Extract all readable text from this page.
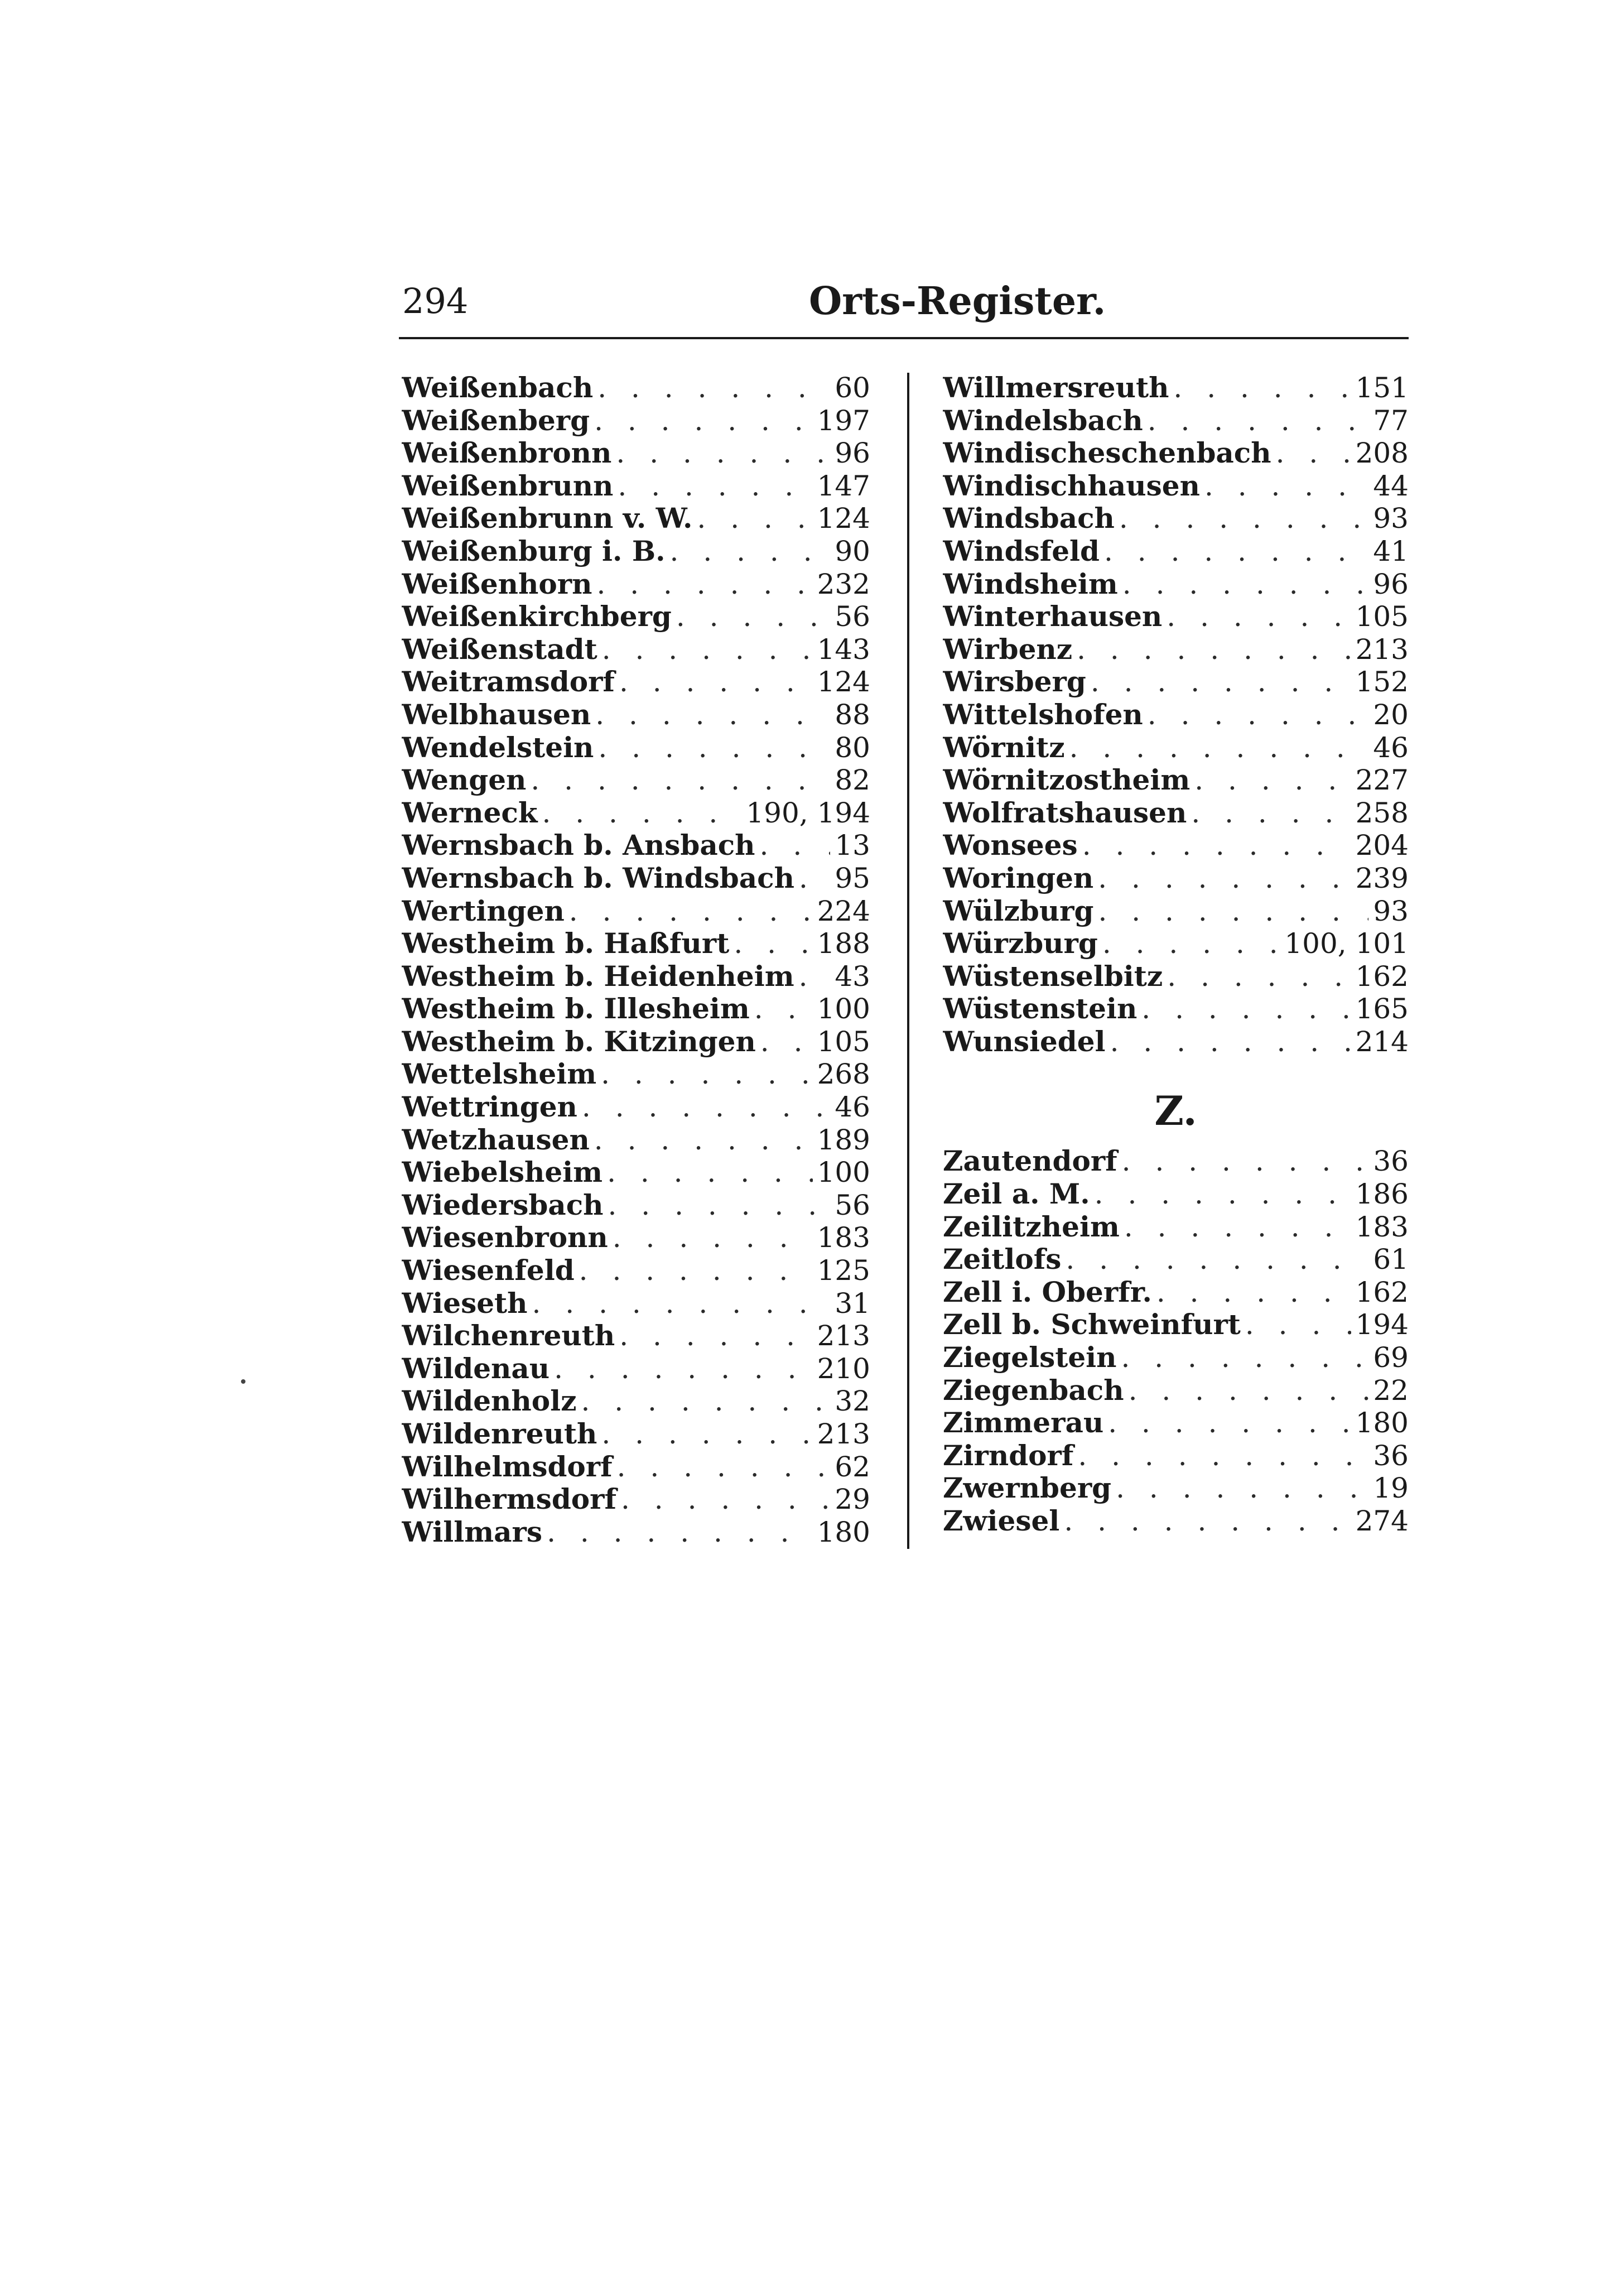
294	Orts-Register.
Weißenbach . . .	60
Weißenberg . . .	197
Weißenbronn . . .	96
Weißenbrunn . . .	147
Weißenbrunn v. W. . . .	124
Weißenburg i. B. . . .	90
Weißenhorn . . .	232
Weißenkirchberg . . .	56
Weißenstadt . . .	143
Weitramsdorf . . .	124
Welbhausen . . .	88
Wendelstein . . .	80
Wengen . . .	82
Werneck . . .	190, 194
Wernsbach b. Ansbach . . .	13
Wernsbach b. Windsbach . . . 95
Wertingen . . .	224
Westheim b. Haßfurt . . .	188
Westheim b. Heidenheim . . . 43
Westheim b. Illesheim . . . 100
Westheim b. Kitzingen . . . 105
Wettelsheim . . .	268
Wettringen . . .	46
Wetzhausen . . .	189
Wiebelsheim . . .	100
Wiedersbach . . .	56
Wiesenbronn . . .	183
Wiesenfeld . . .	125
Wieseth . . .	31
Wilchenreuth . . .	213
Wildenau . . .	210
Wildenholz . . .	32
Wildenreuth . . .	213
Wilhelmsdorf . . .	62
Wilhermsdorf . . .	29
Willmars . . .	180
Willmersreuth . . .	151
Windelsbach . . .	77
Windischeschenbach . . .	208
Windischhausen . . .	44
Windsbach . . .	93
Windsfeld . . .	41
Windsheim . . .	96
Winterhausen . . .	105
Wirbenz . . .	213
Wirsberg . . .	152
Wittelshofen . . .	20
Wörnitz . . .	46
Wörnitzostheim . . .	227
Wolfratshausen . . .	258
Wonsees . . .	204
Woringen . . .	239
Wülzburg . . .	93
Würzburg . . .	100, 101
Wüstenselbitz . . .	162
Wüstenstein . . .	165
Wunsiedel . . .	214
Z.
Zautendorf . . .	36
Zeil a. M. . . .	186
Zeilitzheim . . .	183
Zeitlofs . . .	61
Zell i. Oberfr. . . .	162
Zell b. Schweinfurt . . .	194
Ziegelstein . . .	69
Ziegenbach . . .	22
Zimmerau . . .	180
Zirndorf . . .	36
Zwernberg . . .	19
Zwiesel . . .	274
